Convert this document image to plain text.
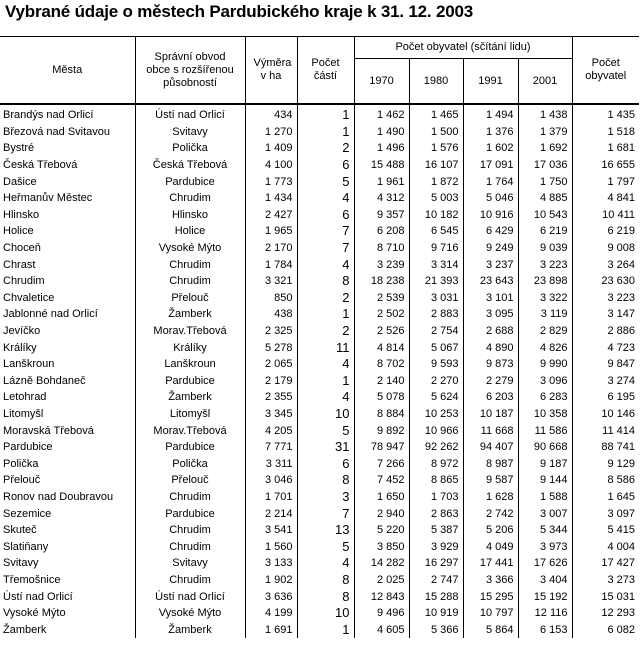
Vybrané údaje o městech Pardubického kraje k 31. 12. 2003
Města	Správní obvod obce s rozšířenou působností	Výměra v ha	Počet částí	Počet obyvatel (sčítání lidu)				Počet obyvatel

				1970	1980	1991	2001	
Brandýs nad Orlicí	Ústí nad Orlicí	434	1	1 462	1 465	1 494	1 438	1 435
Březová nad Svitavou	Svitavy	1 270	1	1 490	1 500	1 376	1 379	1 518
Bystré	Polička	1 409	2	1 496	1 576	1 602	1 692	1 681
Česká Třebová	Česká Třebová	4 100	6	15 488	16 107	17 091	17 036	16 655
Dašice	Pardubice	1 773	5	1 961	1 872	1 764	1 750	1 797
Heřmanův Městec	Chrudim	1 434	4	4 312	5 003	5 046	4 885	4 841
Hlinsko	Hlinsko	2 427	6	9 357	10 182	10 916	10 543	10 411
Holice	Holice	1 965	7	6 208	6 545	6 429	6 219	6 219
Choceň	Vysoké Mýto	2 170	7	8 710	9 716	9 249	9 039	9 008
Chrast	Chrudim	1 784	4	3 239	3 314	3 237	3 223	3 264
Chrudim	Chrudim	3 321	8	18 238	21 393	23 643	23 898	23 630
Chvaletice	Přelouč	850	2	2 539	3 031	3 101	3 322	3 223
Jablonné nad Orlicí	Žamberk	438	1	2 502	2 883	3 095	3 119	3 147
Jevíčko	Morav.Třebová	2 325	2	2 526	2 754	2 688	2 829	2 886
Králíky	Králíky	5 278	11	4 814	5 067	4 890	4 826	4 723
Lanškroun	Lanškroun	2 065	4	8 702	9 593	9 873	9 990	9 847
Lázně Bohdaneč	Pardubice	2 179	1	2 140	2 270	2 279	3 096	3 274
Letohrad	Žamberk	2 355	4	5 078	5 624	6 203	6 283	6 195
Litomyšl	Litomyšl	3 345	10	8 884	10 253	10 187	10 358	10 146
Moravská Třebová	Morav.Třebová	4 205	5	9 892	10 966	11 668	11 586	11 414
Pardubice	Pardubice	7 771	31	78 947	92 262	94 407	90 668	88 741
Polička	Polička	3 311	6	7 266	8 972	8 987	9 187	9 129
Přelouč	Přelouč	3 046	8	7 452	8 865	9 587	9 144	8 586
Ronov nad Doubravou	Chrudim	1 701	3	1 650	1 703	1 628	1 588	1 645
Sezemice	Pardubice	2 214	7	2 940	2 863	2 742	3 007	3 097
Skuteč	Chrudim	3 541	13	5 220	5 387	5 206	5 344	5 415
Slatiňany	Chrudim	1 560	5	3 850	3 929	4 049	3 973	4 004
Svitavy	Svitavy	3 133	4	14 282	16 297	17 441	17 626	17 427
Třemošnice	Chrudim	1 902	8	2 025	2 747	3 366	3 404	3 273
Ústí nad Orlicí	Ústí nad Orlicí	3 636	8	12 843	15 288	15 295	15 192	15 031
Vysoké Mýto	Vysoké Mýto	4 199	10	9 496	10 919	10 797	12 116	12 293
Žamberk	Žamberk	1 691	1	4 605	5 366	5 864	6 153	6 082
